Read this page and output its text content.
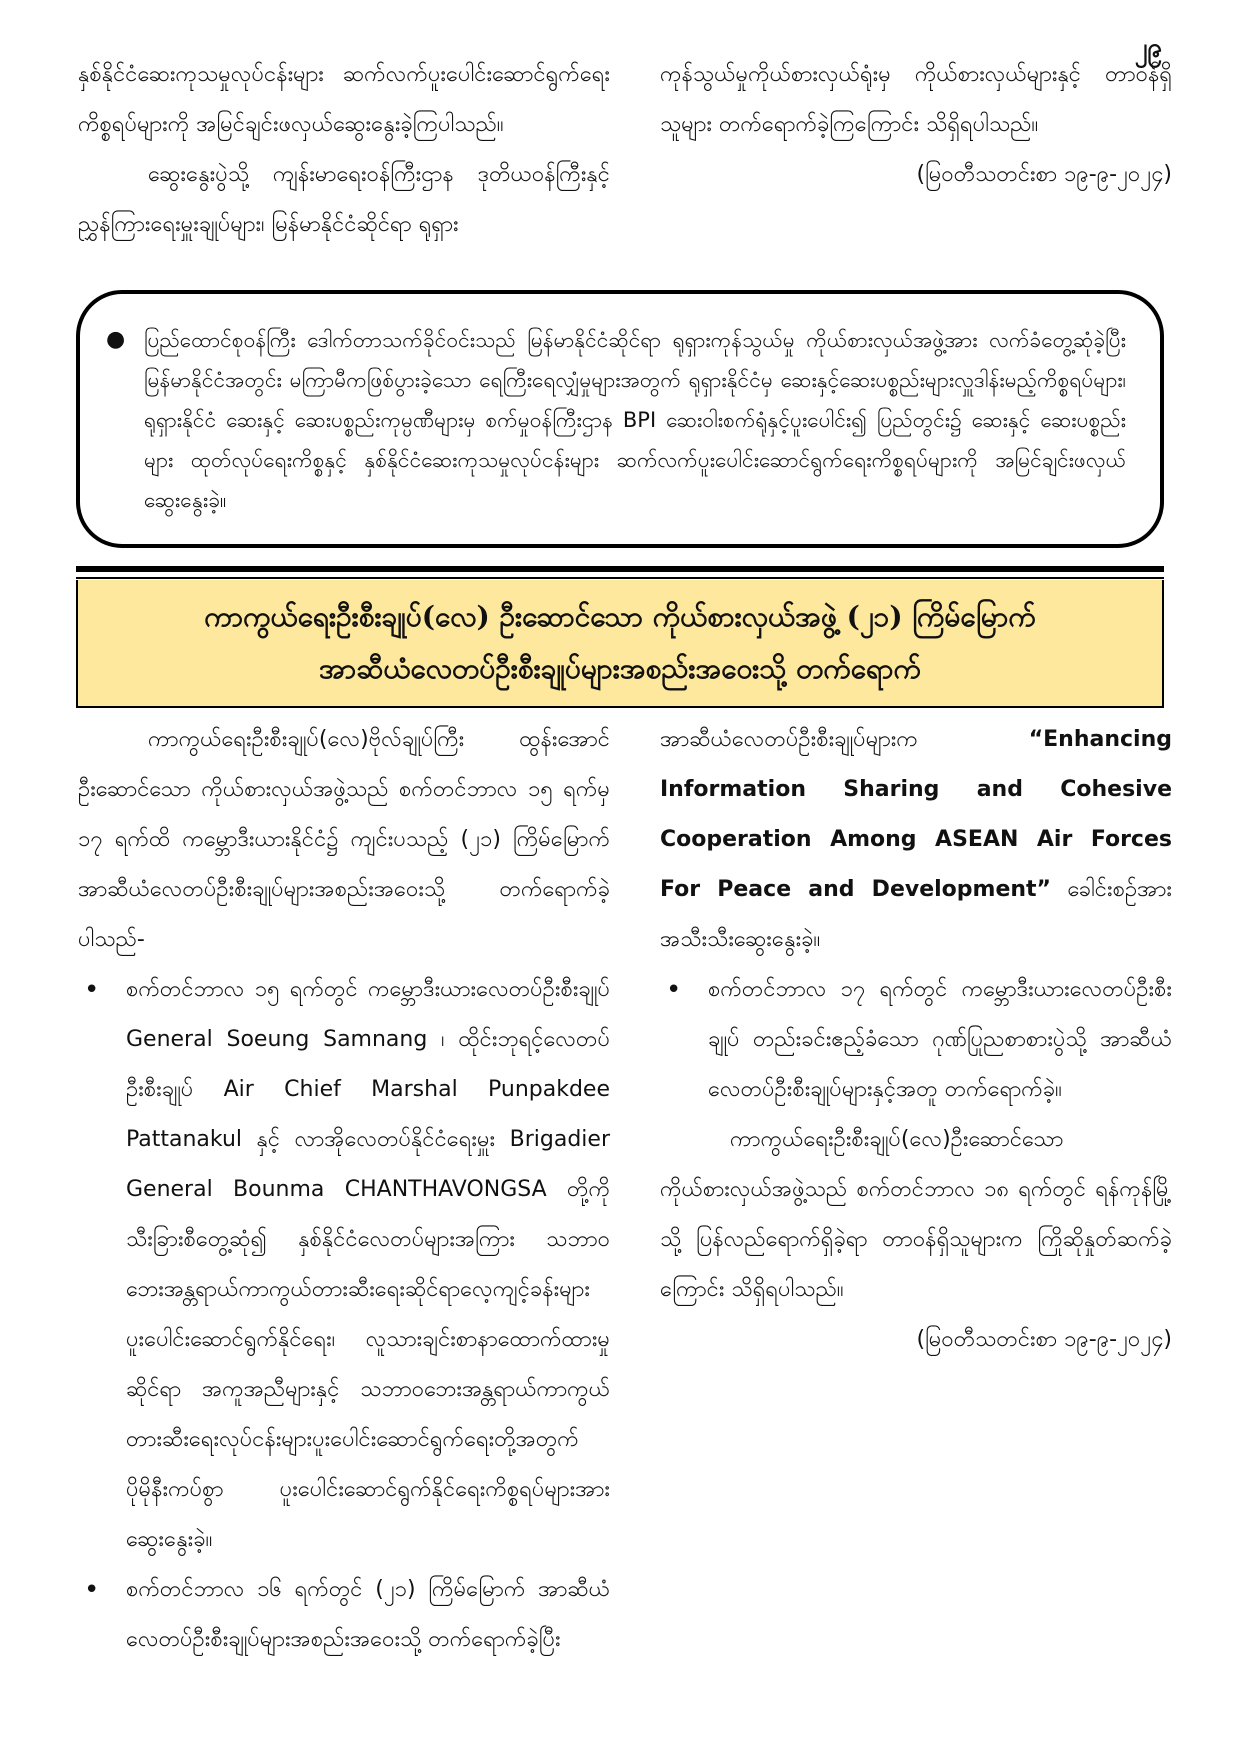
၂၉

နှစ်နိုင်ငံဆေးကုသမှုလုပ်ငန်းများ ဆက်လက်ပူးပေါင်းဆောင်ရွက်ရေးကိစ္စရပ်များကို အမြင်ချင်းဖလှယ်ဆွေးနွေးခဲ့ကြပါသည်။

ဆွေးနွေးပွဲသို့ ကျန်းမာရေးဝန်ကြီးဌာန ဒုတိယဝန်ကြီးနှင့် ညွှန်ကြားရေးမှူးချုပ်များ၊ မြန်မာနိုင်ငံဆိုင်ရာ ရုရှား

ကုန်သွယ်မှုကိုယ်စားလှယ်ရုံးမှ ကိုယ်စားလှယ်များနှင့် တာဝန်ရှိသူများ တက်ရောက်ခဲ့ကြကြောင်း သိရှိရပါသည်။

(မြဝတီသတင်းစာ ၁၉-၉-၂၀၂၄)

● ပြည်ထောင်စုဝန်ကြီး ဒေါက်တာသက်ခိုင်ဝင်းသည် မြန်မာနိုင်ငံဆိုင်ရာ ရုရှားကုန်သွယ်မှု ကိုယ်စားလှယ်အဖွဲ့အား လက်ခံတွေ့ဆုံခဲ့ပြီး မြန်မာနိုင်ငံအတွင်း မကြာမီကဖြစ်ပွားခဲ့သော ရေကြီးရေလျှံမှုများအတွက် ရုရှားနိုင်ငံမှ ဆေးနှင့်ဆေးပစ္စည်းများလှူဒါန်းမည့်ကိစ္စရပ်များ၊ ရုရှားနိုင်ငံ ဆေးနှင့် ဆေးပစ္စည်းကုမ္ပဏီများမှ စက်မှုဝန်ကြီးဌာန BPI ဆေးဝါးစက်ရုံနှင့်ပူးပေါင်း၍ ပြည်တွင်း၌ ဆေးနှင့် ဆေးပစ္စည်းများ ထုတ်လုပ်ရေးကိစ္စနှင့် နှစ်နိုင်ငံဆေးကုသမှုလုပ်ငန်းများ ဆက်လက်ပူးပေါင်းဆောင်ရွက်ရေးကိစ္စရပ်များကို အမြင်ချင်းဖလှယ်ဆွေးနွေးခဲ့။

ကာကွယ်ရေးဦးစီးချုပ်(လေ) ဦးဆောင်သော ကိုယ်စားလှယ်အဖွဲ့ (၂၁) ကြိမ်မြောက်
အာဆီယံလေတပ်ဦးစီးချုပ်များအစည်းအဝေးသို့ တက်ရောက်

ကာကွယ်ရေးဦးစီးချုပ်(လေ)ဗိုလ်ချုပ်ကြီး ထွန်းအောင် ဦးဆောင်သော ကိုယ်စားလှယ်အဖွဲ့သည် စက်တင်ဘာလ ၁၅ ရက်မှ ၁၇ ရက်ထိ ကမ္ဘောဒီးယားနိုင်ငံ၌ ကျင်းပသည့် (၂၁) ကြိမ်မြောက် အာဆီယံလေတပ်ဦးစီးချုပ်များအစည်းအဝေးသို့ တက်ရောက်ခဲ့ပါသည်-

• စက်တင်ဘာလ ၁၅ ရက်တွင် ကမ္ဘောဒီးယားလေတပ်ဦးစီးချုပ် General Soeung Samnang ၊ ထိုင်းဘုရင့်လေတပ်ဦးစီးချုပ် Air Chief Marshal Punpakdee Pattanakul နှင့် လာအိုလေတပ်နိုင်ငံရေးမှူး Brigadier General Bounma CHANTHAVONGSA တို့ကို သီးခြားစီတွေ့ဆုံ၍ နှစ်နိုင်ငံလေတပ်များအကြား သဘာဝဘေးအန္တရာယ်ကာကွယ်တားဆီးရေးဆိုင်ရာလေ့ကျင့်ခန်းများ ပူးပေါင်းဆောင်ရွက်နိုင်ရေး၊ လူသားချင်းစာနာထောက်ထားမှုဆိုင်ရာ အကူအညီများနှင့် သဘာဝဘေးအန္တရာယ်ကာကွယ်တားဆီးရေးလုပ်ငန်းများပူးပေါင်းဆောင်ရွက်ရေးတို့အတွက် ပိုမိုနီးကပ်စွာ ပူးပေါင်းဆောင်ရွက်နိုင်ရေးကိစ္စရပ်များအား ဆွေးနွေးခဲ့။
• စက်တင်ဘာလ ၁၆ ရက်တွင် (၂၁) ကြိမ်မြောက် အာဆီယံလေတပ်ဦးစီးချုပ်များအစည်းအဝေးသို့ တက်ရောက်ခဲ့ပြီး

အာဆီယံလေတပ်ဦးစီးချုပ်များက	“Enhancing Information Sharing and Cohesive Cooperation Among ASEAN Air Forces For Peace and Development” ခေါင်းစဉ်အား အသီးသီးဆွေးနွေးခဲ့။

• စက်တင်ဘာလ ၁၇ ရက်တွင် ကမ္ဘောဒီးယားလေတပ်ဦးစီးချုပ် တည်းခင်းဧည့်ခံသော ဂုဏ်ပြုညစာစားပွဲသို့ အာဆီယံလေတပ်ဦးစီးချုပ်များနှင့်အတူ တက်ရောက်ခဲ့။

ကာကွယ်ရေးဦးစီးချုပ်(လေ)ဦးဆောင်သော ကိုယ်စားလှယ်အဖွဲ့သည် စက်တင်ဘာလ ၁၈ ရက်တွင် ရန်ကုန်မြို့သို့ ပြန်လည်ရောက်ရှိခဲ့ရာ တာဝန်ရှိသူများက ကြိုဆိုနှုတ်ဆက်ခဲ့ကြောင်း သိရှိရပါသည်။

(မြဝတီသတင်းစာ ၁၉-၉-၂၀၂၄)
